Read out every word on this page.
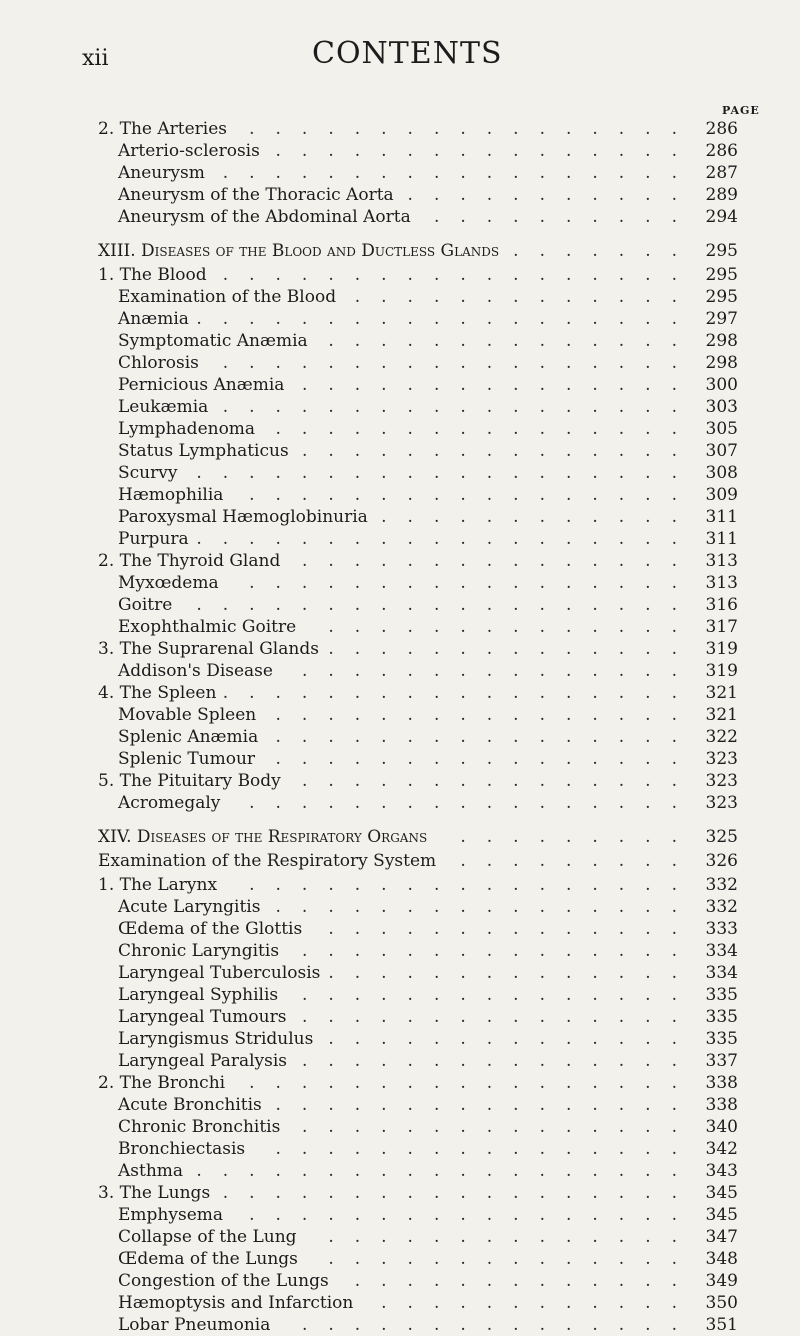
xii	CONTENTS
PAGE
2. The Arteries ................. 286
Arterio-sclerosis ................ 286
Aneurysm .................. 287
Aneurysm of the Thoracic Aorta ........... 289
Aneurysm of the Abdominal Aorta .......... 294
XIII. Diseases of the Blood and Ductless Glands ....... 295
1. The Blood .................. 295
Examination of the Blood ............. 295
Anæmia ................... 297
Symptomatic Anæmia .............. 298
Chlorosis .................. 298
Pernicious Anæmia ............... 300
Leukæmia .................. 303
Lymphadenoma ................ 305
Status Lymphaticus ............... 307
Scurvy ................... 308
Hæmophilia ................. 309
Paroxysmal Hæmoglobinuria ............ 311
Purpura ................... 311
2. The Thyroid Gland ............... 313
Myxœdema ................. 313
Goitre ................... 316
Exophthalmic Goitre .............. 317
3. The Suprarenal Glands .............. 319
Addison's Disease ............... 319
4. The Spleen .................. 321
Movable Spleen ................ 321
Splenic Anæmia ................ 322
Splenic Tumour ................ 323
5. The Pituitary Body ............... 323
Acromegaly ................. 323
XIV. Diseases of the Respiratory Organs ......... 325
Examination of the Respiratory System ......... 326
1. The Larynx ................. 332
Acute Laryngitis ................ 332
Œdema of the Glottis .............. 333
Chronic Laryngitis ............... 334
Laryngeal Tuberculosis .............. 334
Laryngeal Syphilis ............... 335
Laryngeal Tumours ............... 335
Laryngismus Stridulus .............. 335
Laryngeal Paralysis ............... 337
2. The Bronchi ................. 338
Acute Bronchitis ................ 338
Chronic Bronchitis ............... 340
Bronchiectasis ................ 342
Asthma ................... 343
3. The Lungs .................. 345
Emphysema ................. 345
Collapse of the Lung .............. 347
Œdema of the Lungs .............. 348
Congestion of the Lungs ............. 349
Hæmoptysis and Infarction ............ 350
Lobar Pneumonia ............... 351
